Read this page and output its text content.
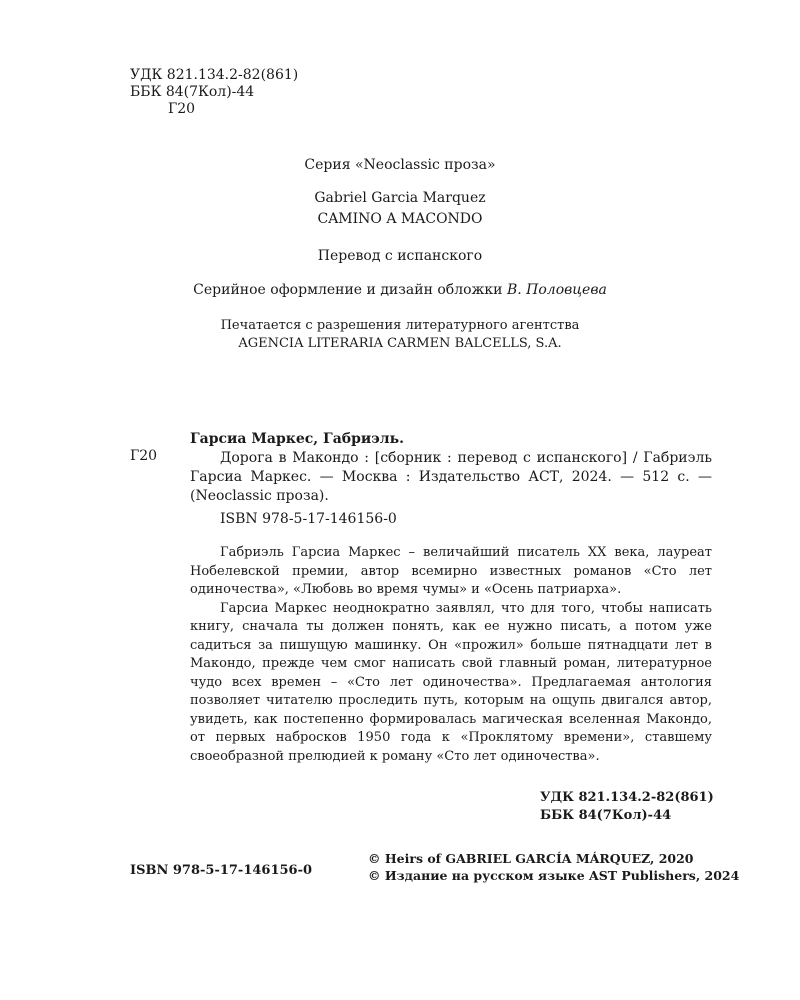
УДК 821.134.2-82(861)
ББК 84(7Кол)-44
Г20
Серия «Neoclassic проза»
Gabriel Garcia Marquez
CAMINO A MACONDO
Перевод с испанского
Серийное оформление и дизайн обложки В. Половцева
Печатается с разрешения литературного агентства
AGENCIA LITERARIA CARMEN BALCELLS, S.A.
Г20
Гарсиа Маркес, Габриэль.
Дорога в Макондо : [сборник : перевод с испанского] / Габриэль Гарсиа Маркес. — Москва : Издательство АСТ, 2024. — 512 с. — (Neoclassic проза).
ISBN 978-5-17-146156-0

Габриэль Гарсиа Маркес – величайший писатель XX века, лауреат Нобелевской премии, автор всемирно известных романов «Сто лет одиночества», «Любовь во время чумы» и «Осень патриарха».

Гарсиа Маркес неоднократно заявлял, что для того, чтобы написать книгу, сначала ты должен понять, как ее нужно писать, а потом уже садиться за пишущую машинку. Он «прожил» больше пятнадцати лет в Макондо, прежде чем смог написать свой главный роман, литературное чудо всех времен – «Сто лет одиночества». Предлагаемая антология позволяет читателю проследить путь, которым на ощупь двигался автор, увидеть, как постепенно формировалась магическая вселенная Макондо, от первых набросков 1950 года к «Проклятому времени», ставшему своеобразной прелюдией к роману «Сто лет одиночества».

УДК 821.134.2-82(861)
ББК 84(7Кол)-44
ISBN 978-5-17-146156-0
© Heirs of GABRIEL GARCÍA MÁRQUEZ, 2020
© Издание на русском языке AST Publishers, 2024
